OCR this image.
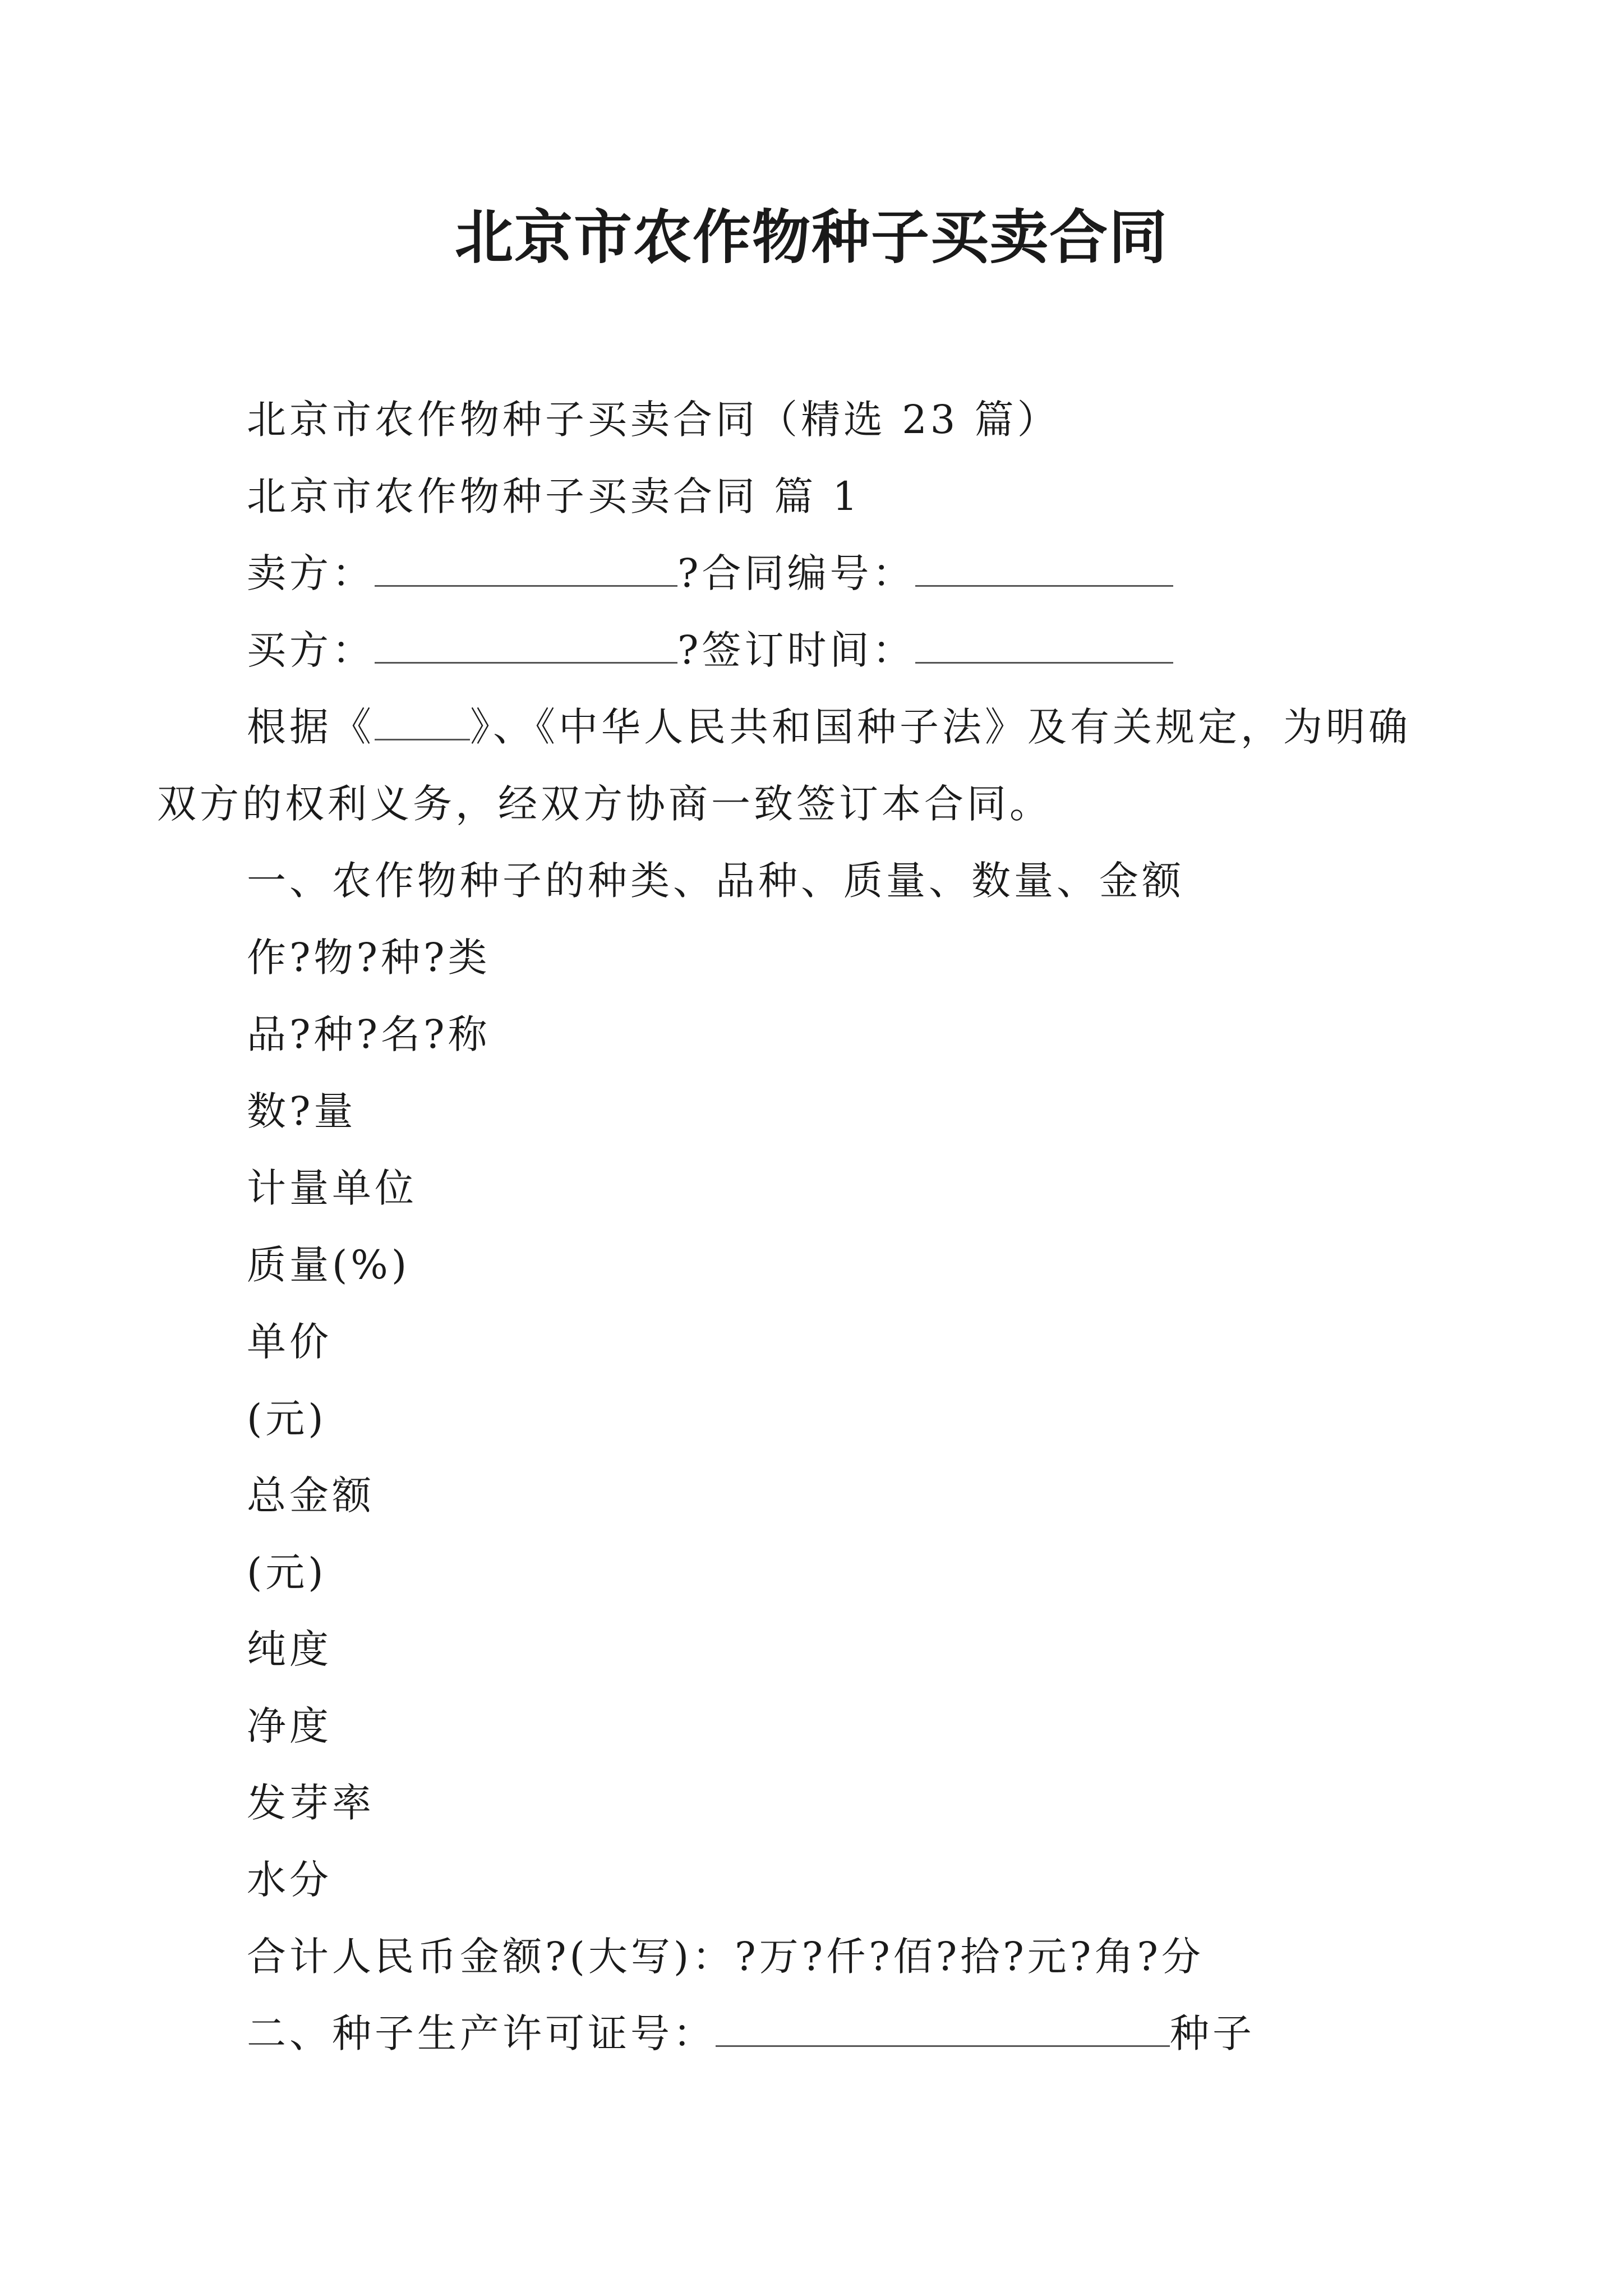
北京市农作物种子买卖合同
北京市农作物种子买卖合同（精选 23 篇）
北京市农作物种子买卖合同 篇 1
卖方：	?合同编号：
买方：	?签订时间：
根据《 》、《中华人民共和国种子法》及有关规定，为明确双方的权利义务，经双方协商一致签订本合同。
一、农作物种子的种类、品种、质量、数量、金额
作?物?种?类
品?种?名?称
数?量
计量单位
质量(%)
单价
(元)
总金额
(元)
纯度
净度
发芽率
水分
合计人民币金额?(大写)：?万?仟?佰?拾?元?角?分
二、种子生产许可证号：	种子
